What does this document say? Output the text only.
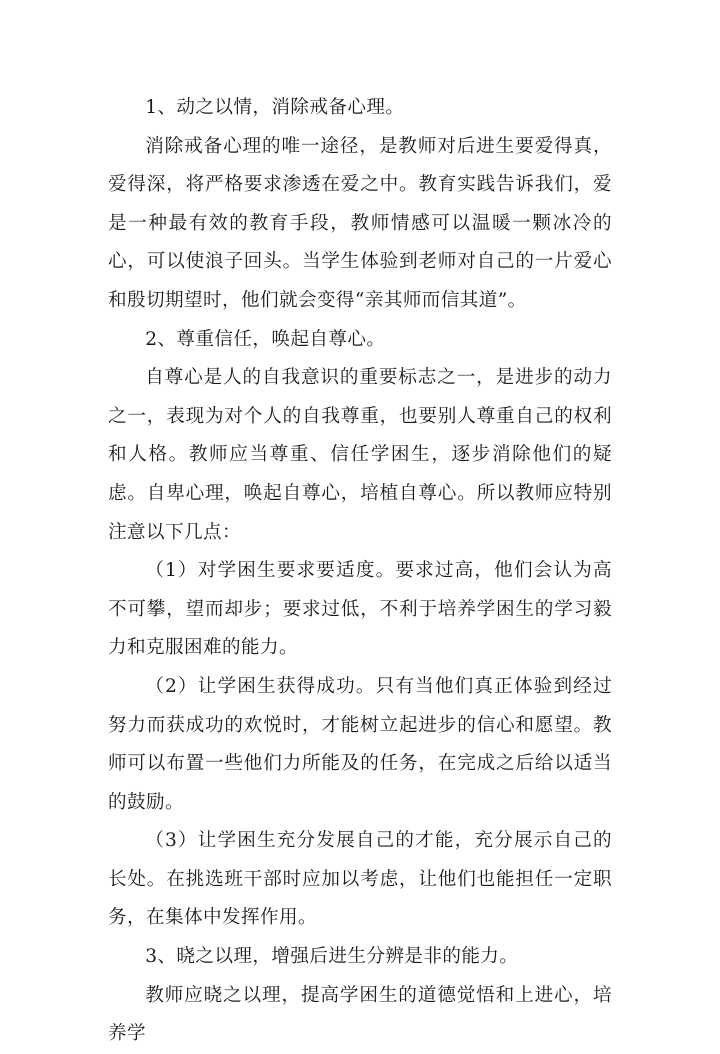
1、动之以情，消除戒备心理。

消除戒备心理的唯一途径，是教师对后进生要爱得真，爱得深，将严格要求渗透在爱之中。教育实践告诉我们，爱是一种最有效的教育手段，教师情感可以温暖一颗冰冷的心，可以使浪子回头。当学生体验到老师对自己的一片爱心和殷切期望时，他们就会变得“亲其师而信其道”。

2、尊重信任，唤起自尊心。

自尊心是人的自我意识的重要标志之一，是进步的动力之一，表现为对个人的自我尊重，也要别人尊重自己的权利和人格。教师应当尊重、信任学困生，逐步消除他们的疑虑。自卑心理，唤起自尊心，培植自尊心。所以教师应特别注意以下几点：

（1）对学困生要求要适度。要求过高，他们会认为高不可攀，望而却步；要求过低，不利于培养学困生的学习毅力和克服困难的能力。

（2）让学困生获得成功。只有当他们真正体验到经过努力而获成功的欢悦时，才能树立起进步的信心和愿望。教师可以布置一些他们力所能及的任务，在完成之后给以适当的鼓励。

（3）让学困生充分发展自己的才能，充分展示自己的长处。在挑选班干部时应加以考虑，让他们也能担任一定职务，在集体中发挥作用。

3、晓之以理，增强后进生分辨是非的能力。

教师应晓之以理，提高学困生的道德觉悟和上进心，培养学
